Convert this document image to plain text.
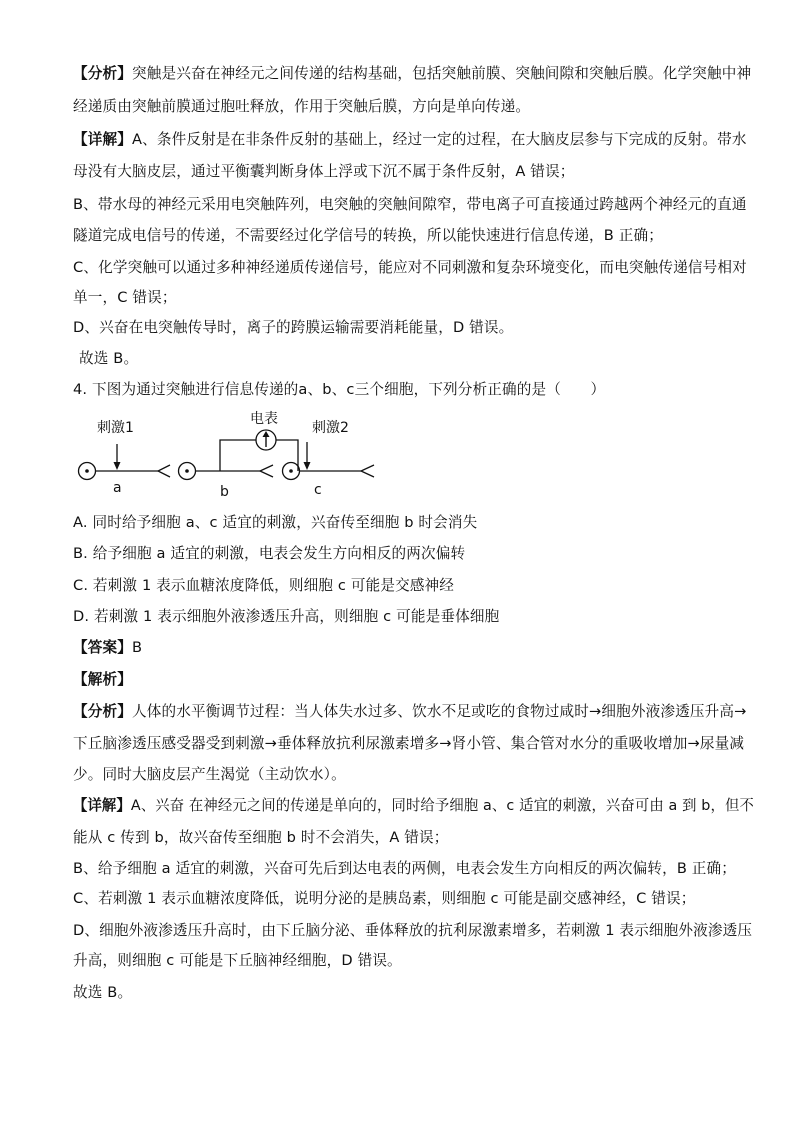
【分析】突触是兴奋在神经元之间传递的结构基础，包括突触前膜、突触间隙和突触后膜。化学突触中神
经递质由突触前膜通过胞吐释放，作用于突触后膜，方向是单向传递。
【详解】A、条件反射是在非条件反射的基础上，经过一定的过程，在大脑皮层参与下完成的反射。帯水
母没有大脑皮层，通过平衡囊判断身体上浮或下沉不属于条件反射，A 错误；
B、帯水母的神经元采用电突触阵列，电突触的突触间隙窄，带电离子可直接通过跨越两个神经元的直通
隧道完成电信号的传递，不需要经过化学信号的转换，所以能快速进行信息传递，B 正确；
C、化学突触可以通过多种神经递质传递信号，能应对不同刺激和复杂环境变化，而电突触传递信号相对
单一，C 错误；
D、兴奋在电突触传导时，离子的跨膜运输需要消耗能量，D 错误。
故选 B。
4. 下图为通过突触进行信息传递的a、b、c三个细胞，下列分析正确的是（　　）
刺激1
电表
刺激2
a	b	c
A. 同时给予细胞 a、c 适宜的刺激，兴奋传至细胞 b 时会消失
B. 给予细胞 a 适宜的刺激，电表会发生方向相反的两次偏转
C. 若刺激 1 表示血糖浓度降低，则细胞 c 可能是交感神经
D. 若刺激 1 表示细胞外液渗透压升高，则细胞 c 可能是垂体细胞
【答案】B
【解析】
【分析】人体的水平衡调节过程：当人体失水过多、饮水不足或吃的食物过咸时→细胞外液渗透压升高→
下丘脑渗透压感受器受到刺激→垂体释放抗利尿激素增多→肾小管、集合管对水分的重吸收增加→尿量减
少。同时大脑皮层产生渴觉（主动饮水）。
【详解】A、兴奋 在神经元之间的传递是单向的，同时给予细胞 a、c 适宜的刺激，兴奋可由 a 到 b，但不
能从 c 传到 b，故兴奋传至细胞 b 时不会消失，A 错误；
B、给予细胞 a 适宜的刺激，兴奋可先后到达电表的两侧，电表会发生方向相反的两次偏转，B 正确；
C、若刺激 1 表示血糖浓度降低，说明分泌的是胰岛素，则细胞 c 可能是副交感神经，C 错误；
D、细胞外液渗透压升高时，由下丘脑分泌、垂体释放的抗利尿激素增多，若刺激 1 表示细胞外液渗透压
升高，则细胞 c 可能是下丘脑神经细胞，D 错误。
故选 B。
